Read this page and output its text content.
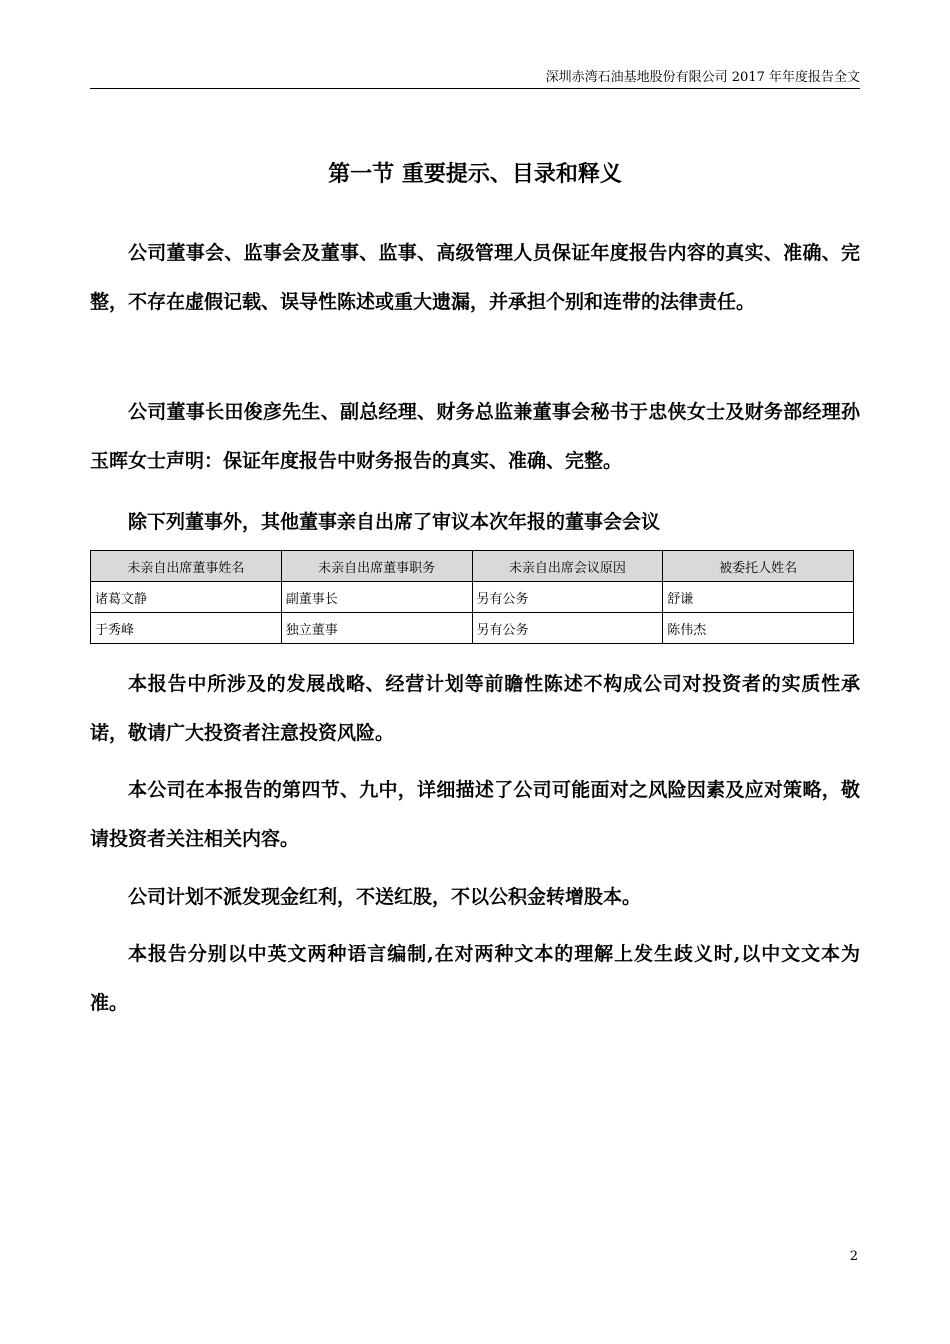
深圳赤湾石油基地股份有限公司 2017 年年度报告全文
第一节 重要提示、目录和释义

公司董事会、监事会及董事、监事、高级管理人员保证年度报告内容的真实、准确、完整，不存在虚假记载、误导性陈述或重大遗漏，并承担个别和连带的法律责任。

公司董事长田俊彦先生、副总经理、财务总监兼董事会秘书于忠侠女士及财务部经理孙玉晖女士声明：保证年度报告中财务报告的真实、准确、完整。

除下列董事外，其他董事亲自出席了审议本次年报的董事会会议

未亲自出席董事姓名	未亲自出席董事职务	未亲自出席会议原因	被委托人姓名
诸葛文静	副董事长	另有公务	舒谦
于秀峰	独立董事	另有公务	陈伟杰

本报告中所涉及的发展战略、经营计划等前瞻性陈述不构成公司对投资者的实质性承诺，敬请广大投资者注意投资风险。

本公司在本报告的第四节、九中，详细描述了公司可能面对之风险因素及应对策略，敬请投资者关注相关内容。

公司计划不派发现金红利，不送红股，不以公积金转增股本。

本报告分别以中英文两种语言编制,在对两种文本的理解上发生歧义时,以中文文本为准。

2
